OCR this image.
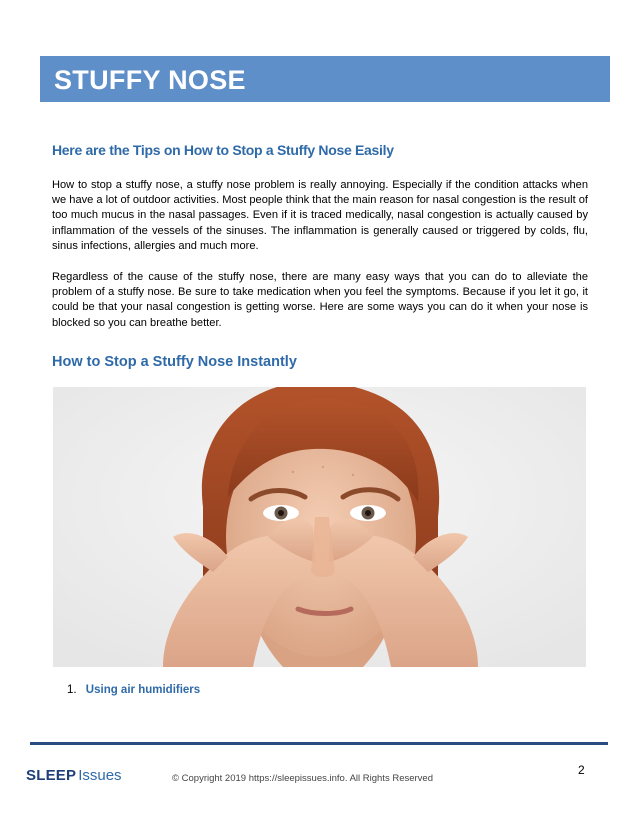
STUFFY NOSE
Here are the Tips on How to Stop a Stuffy Nose Easily
How to stop a stuffy nose, a stuffy nose problem is really annoying. Especially if the condition attacks when we have a lot of outdoor activities. Most people think that the main reason for nasal congestion is the result of too much mucus in the nasal passages. Even if it is traced medically, nasal congestion is actually caused by inflammation of the vessels of the sinuses. The inflammation is generally caused or triggered by colds, flu, sinus infections, allergies and much more.
Regardless of the cause of the stuffy nose, there are many easy ways that you can do to alleviate the problem of a stuffy nose. Be sure to take medication when you feel the symptoms. Because if you let it go, it could be that your nasal congestion is getting worse. Here are some ways you can do it when your nose is blocked so you can breathe better.
How to Stop a Stuffy Nose Instantly
1. Using air humidifiers
2
SLEEP Issues	© Copyright 2019 https://sleepissues.info. All Rights Reserved
